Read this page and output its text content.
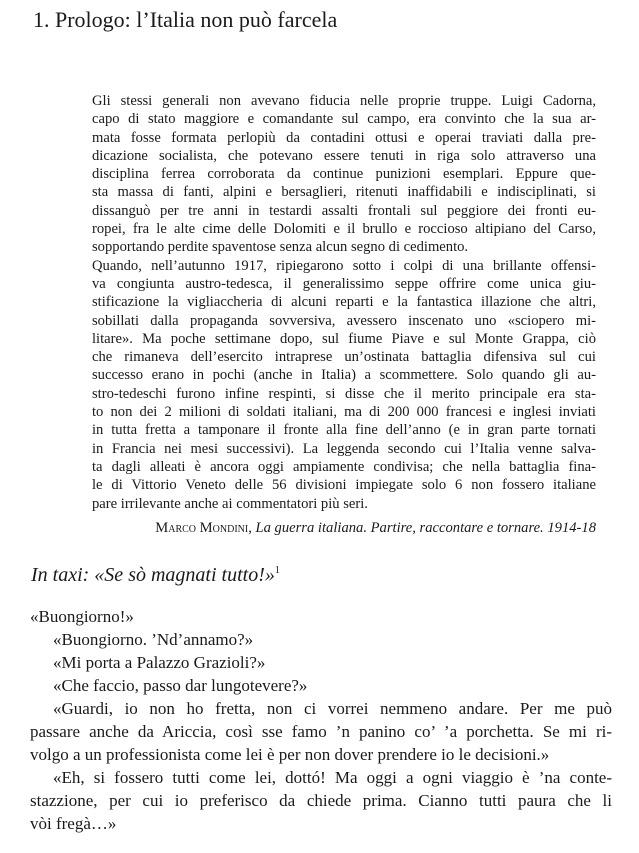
1. Prologo: l’Italia non può farcela
Gli stessi generali non avevano fiducia nelle proprie truppe. Luigi Cadorna,
capo di stato maggiore e comandante sul campo, era convinto che la sua ar-
mata fosse formata perlopiù da contadini ottusi e operai traviati dalla pre-
dicazione socialista, che potevano essere tenuti in riga solo attraverso una
disciplina ferrea corroborata da continue punizioni esemplari. Eppure que-
sta massa di fanti, alpini e bersaglieri, ritenuti inaffidabili e indisciplinati, si
dissanguò per tre anni in testardi assalti frontali sul peggiore dei fronti eu-
ropei, fra le alte cime delle Dolomiti e il brullo e roccioso altipiano del Carso,
sopportando perdite spaventose senza alcun segno di cedimento.
Quando, nell’autunno 1917, ripiegarono sotto i colpi di una brillante offensi-
va congiunta austro-tedesca, il generalissimo seppe offrire come unica giu-
stificazione la vigliaccheria di alcuni reparti e la fantastica illazione che altri,
sobillati dalla propaganda sovversiva, avessero inscenato uno «sciopero mi-
litare». Ma poche settimane dopo, sul fiume Piave e sul Monte Grappa, ciò
che rimaneva dell’esercito intraprese un’ostinata battaglia difensiva sul cui
successo erano in pochi (anche in Italia) a scommettere. Solo quando gli au-
stro-tedeschi furono infine respinti, si disse che il merito principale era sta-
to non dei 2 milioni di soldati italiani, ma di 200 000 francesi e inglesi inviati
in tutta fretta a tamponare il fronte alla fine dell’anno (e in gran parte tornati
in Francia nei mesi successivi). La leggenda secondo cui l’Italia venne salva-
ta dagli alleati è ancora oggi ampiamente condivisa; che nella battaglia fina-
le di Vittorio Veneto delle 56 divisioni impiegate solo 6 non fossero italiane
pare irrilevante anche ai commentatori più seri.
Marco Mondini, La guerra italiana. Partire, raccontare e tornare. 1914-18
In taxi: «Se sò magnati tutto!»$^1$
«Buongiorno!»
«Buongiorno. ’Nd’annamo?»
«Mi porta a Palazzo Grazioli?»
«Che faccio, passo dar lungotevere?»
«Guardi, io non ho fretta, non ci vorrei nemmeno andare. Per me può
passare anche da Ariccia, così sse famo ’n panino co’ ’a porchetta. Se mi ri-
volgo a un professionista come lei è per non dover prendere io le decisioni.»
«Eh, si fossero tutti come lei, dottó! Ma oggi a ogni viaggio è ’na conte-
stazzione, per cui io preferisco da chiede prima. Cianno tutti paura che li
vòi fregà…»
